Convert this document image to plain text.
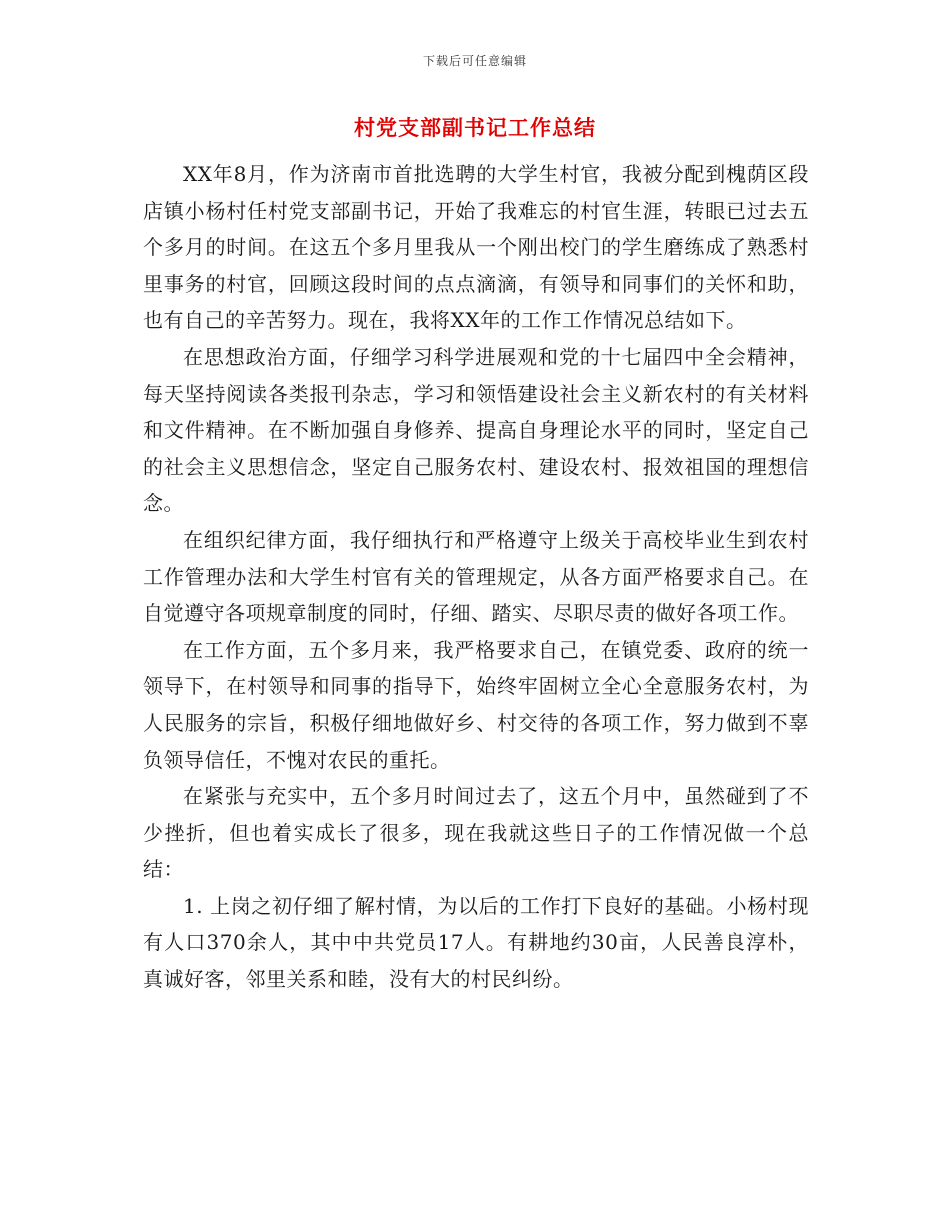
下载后可任意编辑
村党支部副书记工作总结

XX年8月，作为济南市首批选聘的大学生村官，我被分配到槐荫区段店镇小杨村任村党支部副书记，开始了我难忘的村官生涯，转眼已过去五个多月的时间。在这五个多月里我从一个刚出校门的学生磨练成了熟悉村里事务的村官，回顾这段时间的点点滴滴，有领导和同事们的关怀和助，也有自己的辛苦努力。现在，我将XX年的工作工作情况总结如下。

在思想政治方面，仔细学习科学进展观和党的十七届四中全会精神，每天坚持阅读各类报刊杂志，学习和领悟建设社会主义新农村的有关材料和文件精神。在不断加强自身修养、提高自身理论水平的同时，坚定自己的社会主义思想信念，坚定自己服务农村、建设农村、报效祖国的理想信念。

在组织纪律方面，我仔细执行和严格遵守上级关于高校毕业生到农村工作管理办法和大学生村官有关的管理规定，从各方面严格要求自己。在自觉遵守各项规章制度的同时，仔细、踏实、尽职尽责的做好各项工作。

在工作方面，五个多月来，我严格要求自己，在镇党委、政府的统一领导下，在村领导和同事的指导下，始终牢固树立全心全意服务农村，为人民服务的宗旨，积极仔细地做好乡、村交待的各项工作，努力做到不辜负领导信任，不愧对农民的重托。

在紧张与充实中，五个多月时间过去了，这五个月中，虽然碰到了不少挫折，但也着实成长了很多，现在我就这些日子的工作情况做一个总结：

1. 上岗之初仔细了解村情，为以后的工作打下良好的基础。小杨村现有人口370余人，其中中共党员17人。有耕地约30亩，人民善良淳朴，真诚好客，邻里关系和睦，没有大的村民纠纷。
